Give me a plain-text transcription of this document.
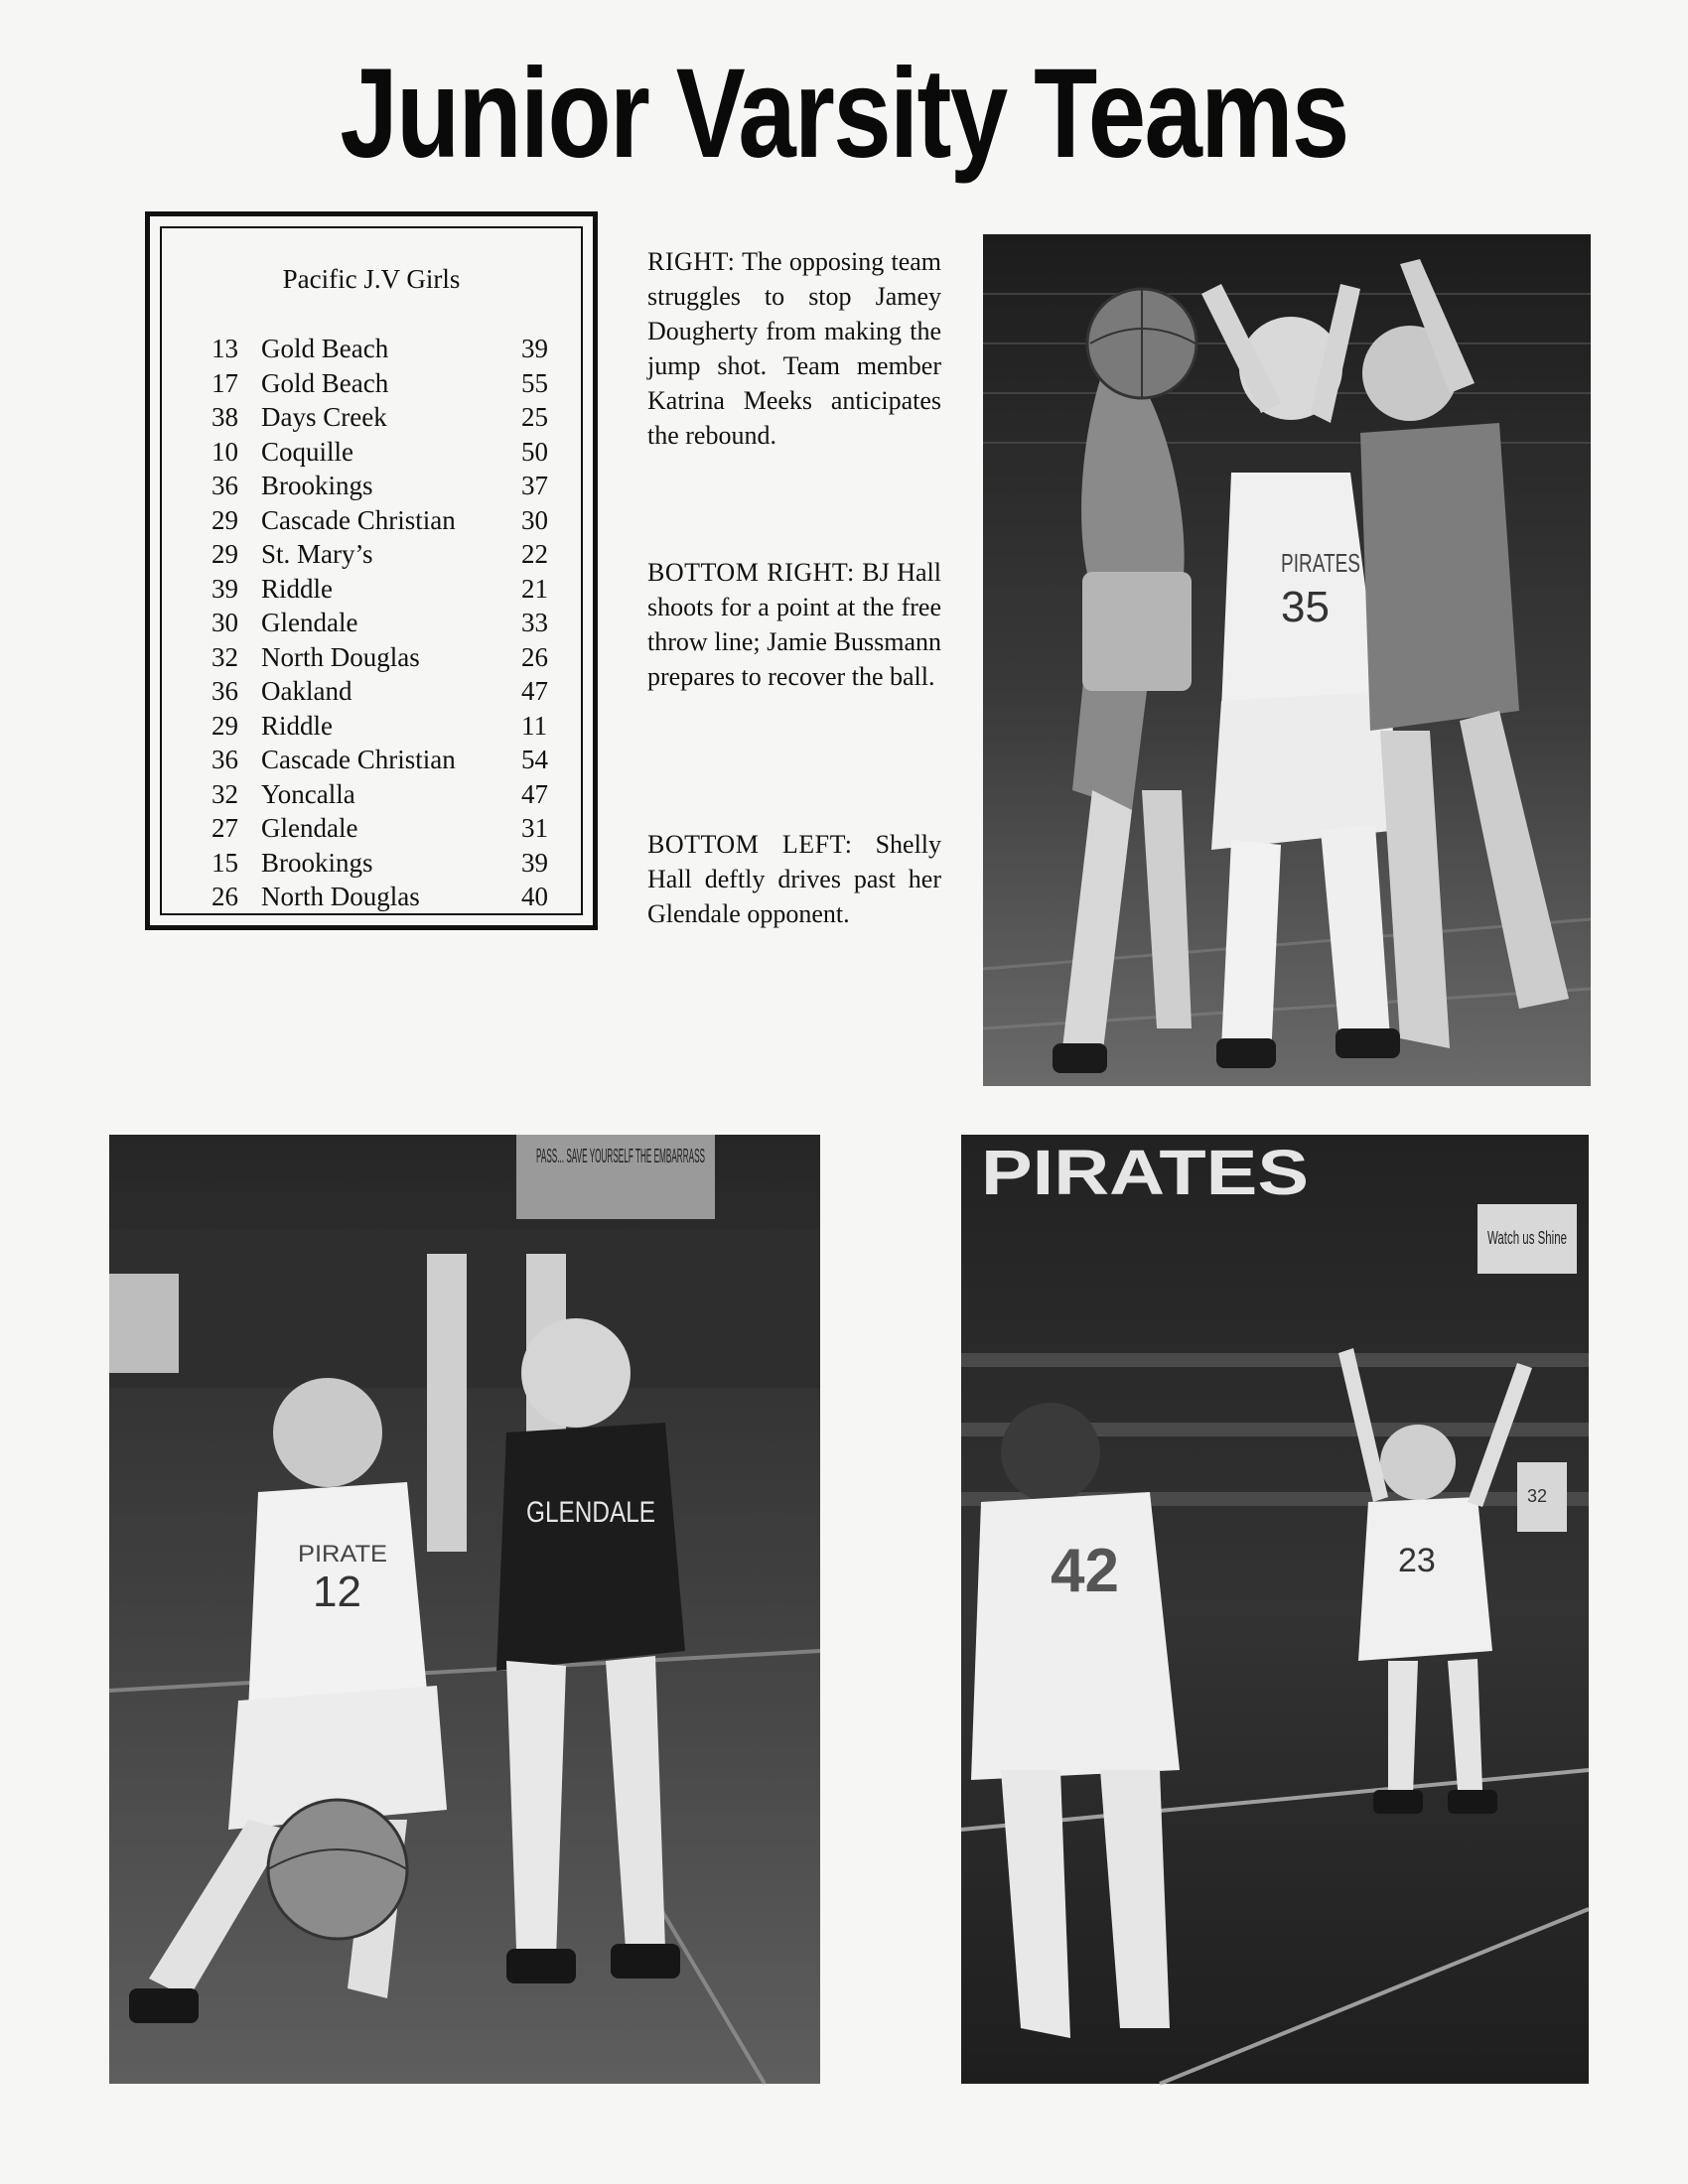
Junior Varsity Teams
Pacific J.V Girls
13 Gold Beach	39
17 Gold Beach	55
38 Days Creek	25
10 Coquille	50
36 Brookings	37
29 Cascade Christian 30
29 St. Mary’s	22
39 Riddle	21
30 Glendale	33
32 North Douglas	26
36 Oakland	47
29 Riddle	11
36 Cascade Christian 54
32 Yoncalla	47
27 Glendale	31
15 Brookings	39
26 North Douglas	40
RIGHT: The opposing team struggles to stop Jamey Dougherty from making the jump shot. Team member Katrina Meeks anticipates the rebound.
BOTTOM RIGHT: BJ Hall shoots for a point at the free throw line; Jamie Bussmann prepares to recover the ball.
BOTTOM LEFT: Shelly Hall deftly drives past her Glendale opponent.
35
PIRATES
PASS... SAVE YOURSELF THE EMBARRASS
12
PIRATE
GLENDALE
PIRATES
Watch us Shine
42	23
32
